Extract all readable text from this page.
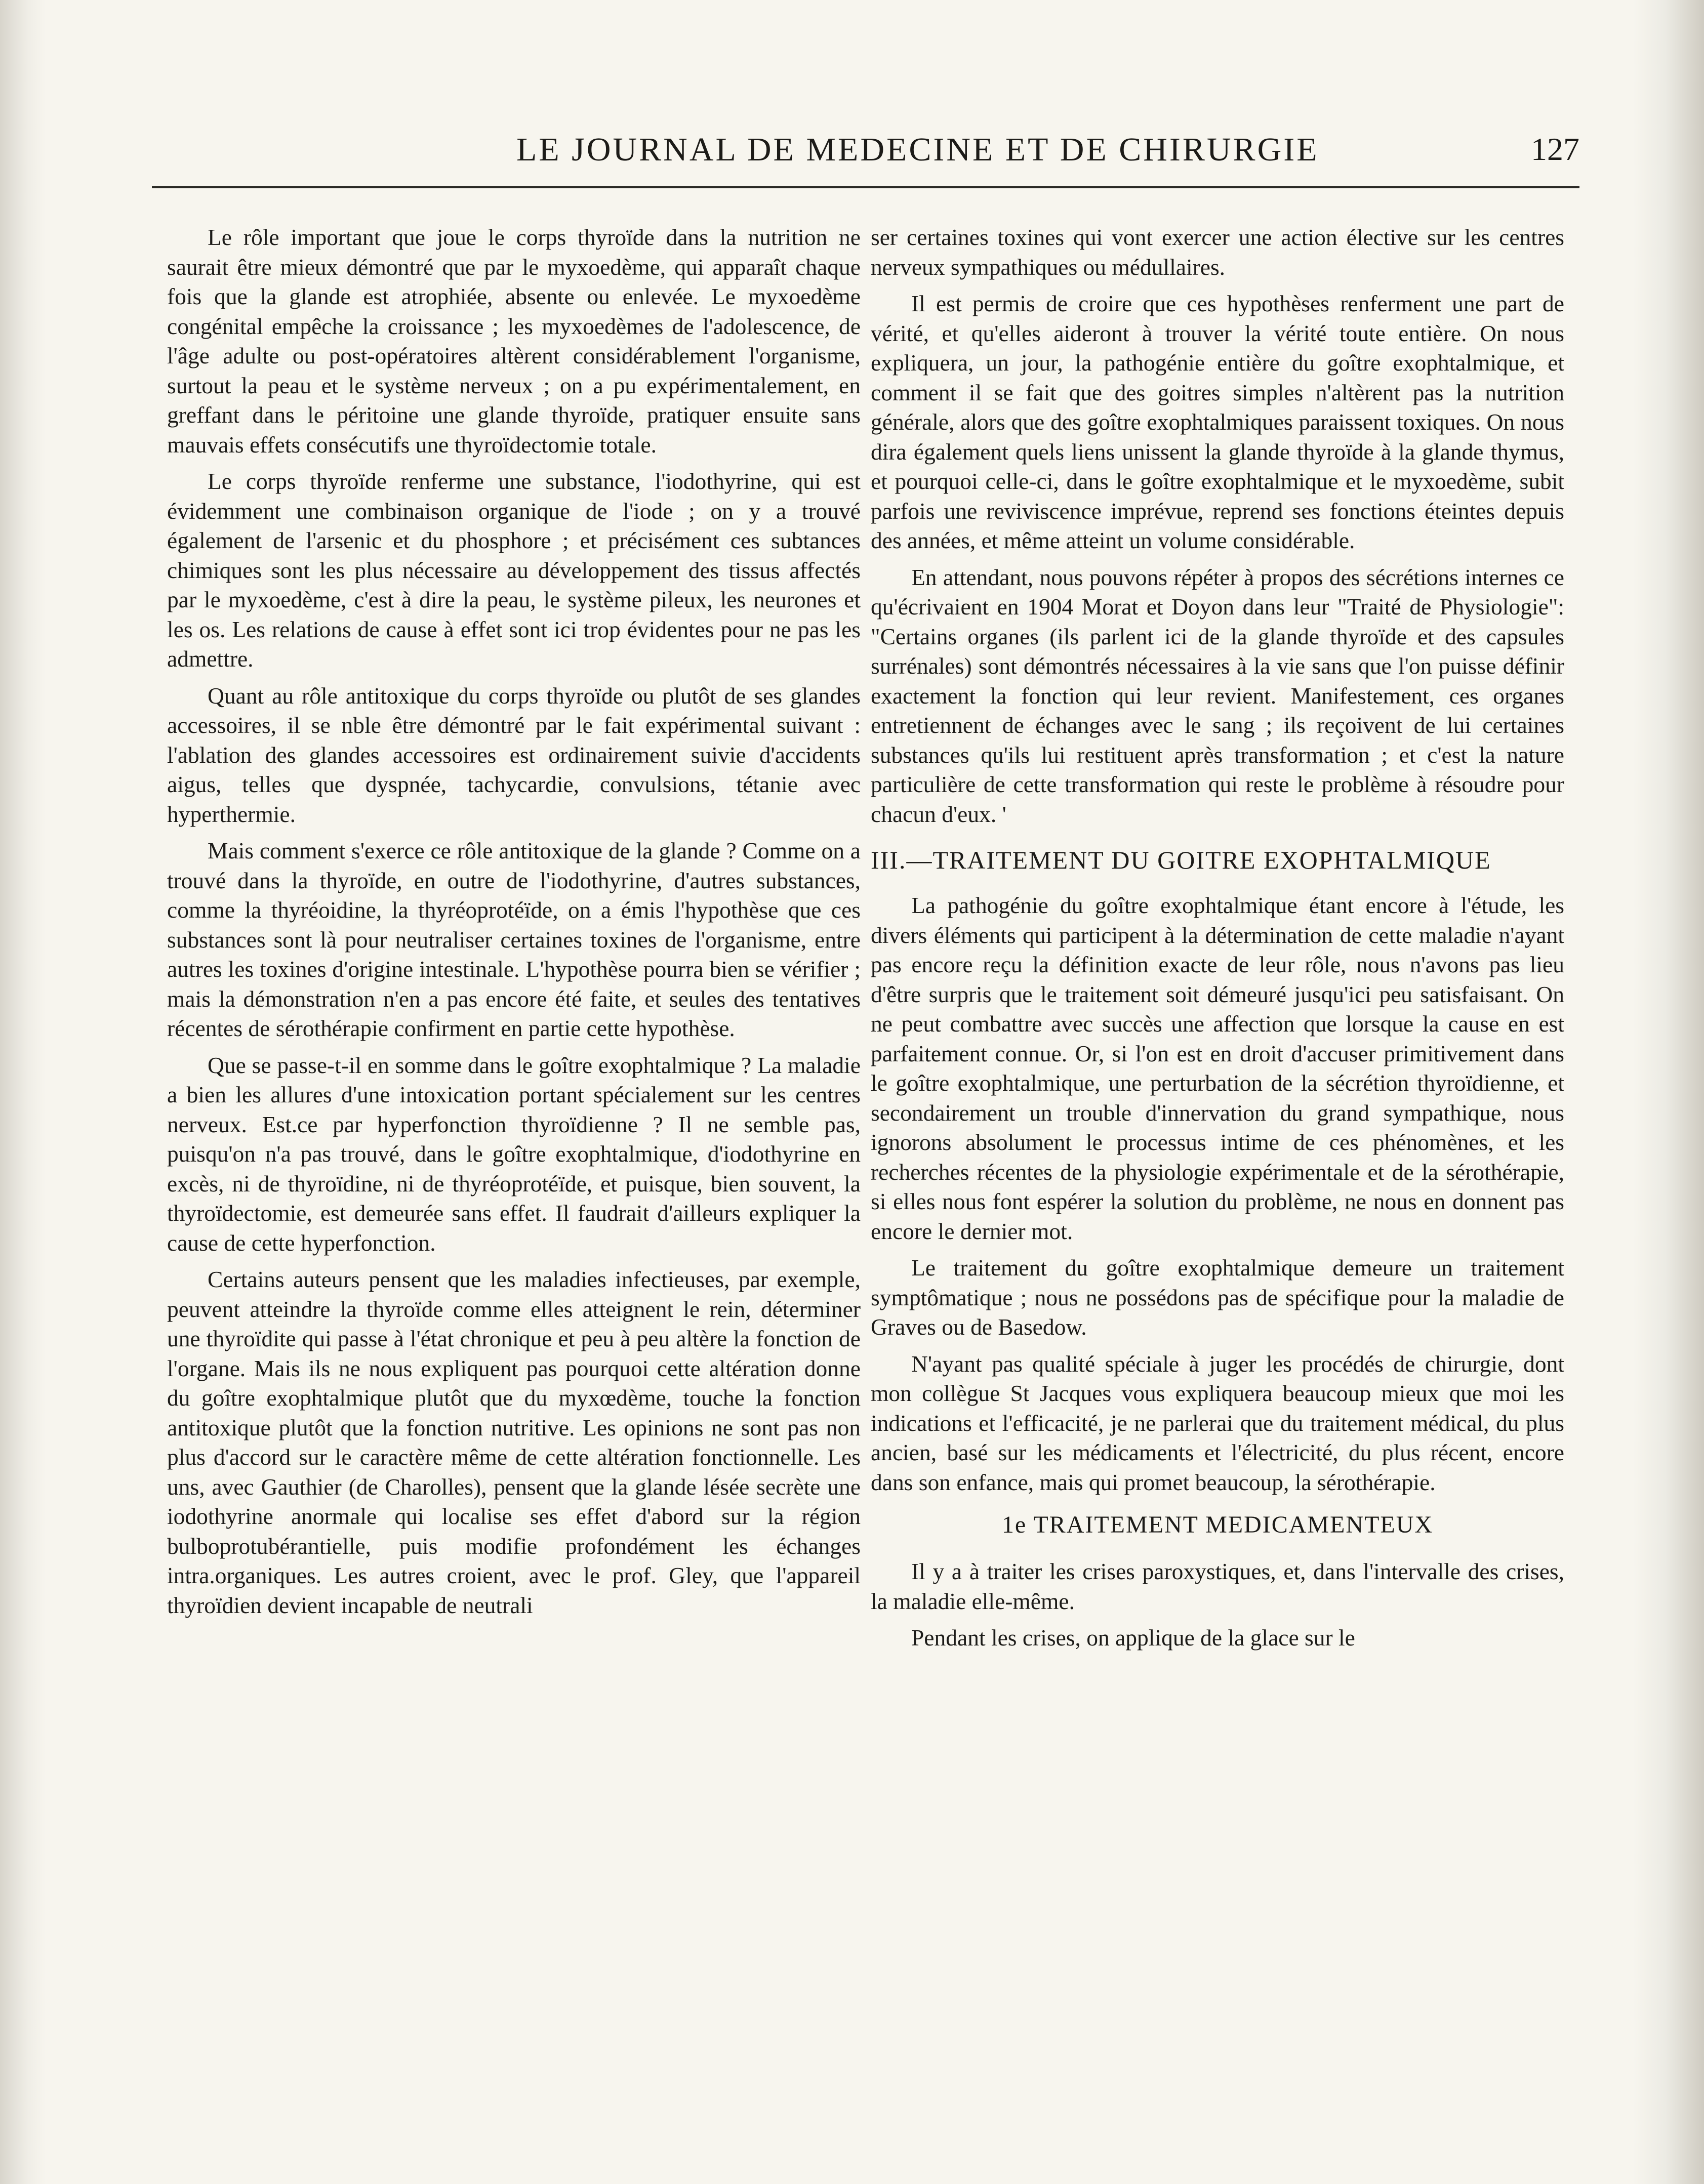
LE JOURNAL DE MEDECINE ET DE CHIRURGIE	127

Le rôle important que joue le corps thyroïde dans la nutrition ne saurait être mieux démontré que par le myxoedème, qui apparaît chaque fois que la glande est atrophiée, absente ou enlevée. Le myxoedème congénital empêche la croissance ; les myxoedèmes de l'adolescence, de l'âge adulte ou post-opératoires altèrent considérablement l'organisme, surtout la peau et le système nerveux ; on a pu expérimentalement, en greffant dans le péritoine une glande thyroïde, pratiquer ensuite sans mauvais effets consécutifs une thyroïdectomie totale.

Le corps thyroïde renferme une substance, l'iodothyrine, qui est évidemment une combinaison organique de l'iode ; on y a trouvé également de l'arsenic et du phosphore ; et précisément ces subtances chimiques sont les plus nécessaire au développement des tissus affectés par le myxoedème, c'est à dire la peau, le système pileux, les neurones et les os. Les relations de cause à effet sont ici trop évidentes pour ne pas les admettre.

Quant au rôle antitoxique du corps thyroïde ou plutôt de ses glandes accessoires, il se nble être démontré par le fait expérimental suivant : l'ablation des glandes accessoires est ordinairement suivie d'accidents aigus, telles que dyspnée, tachycardie, convulsions, tétanie avec hyperthermie.

Mais comment s'exerce ce rôle antitoxique de la glande ? Comme on a trouvé dans la thyroïde, en outre de l'iodothyrine, d'autres substances, comme la thyréoidine, la thyréoprotéïde, on a émis l'hypothèse que ces substances sont là pour neutraliser certaines toxines de l'organisme, entre autres les toxines d'origine intestinale. L'hypothèse pourra bien se vérifier ; mais la démonstration n'en a pas encore été faite, et seules des tentatives récentes de sérothérapie confirment en partie cette hypothèse.

Que se passe-t-il en somme dans le goître exophtalmique ? La maladie a bien les allures d'une intoxication portant spécialement sur les centres nerveux. Est.ce par hyperfonction thyroïdienne ? Il ne semble pas, puisqu'on n'a pas trouvé, dans le goître exophtalmique, d'iodothyrine en excès, ni de thyroïdine, ni de thyréoprotéïde, et puisque, bien souvent, la thyroïdectomie, est demeurée sans effet. Il faudrait d'ailleurs expliquer la cause de cette hyperfonction.

Certains auteurs pensent que les maladies infectieuses, par exemple, peuvent atteindre la thyroïde comme elles atteignent le rein, déterminer une thyroïdite qui passe à l'état chronique et peu à peu altère la fonction de l'organe. Mais ils ne nous expliquent pas pourquoi cette altération donne du goître exophtalmique plutôt que du myxœdème, touche la fonction antitoxique plutôt que la fonction nutritive. Les opinions ne sont pas non plus d'accord sur le caractère même de cette altération fonctionnelle. Les uns, avec Gauthier (de Charolles), pensent que la glande lésée secrète une iodothyrine anormale qui localise ses effet d'abord sur la région bulboprotubérantielle, puis modifie profondément les échanges intra.organiques. Les autres croient, avec le prof. Gley, que l'appareil thyroïdien devient incapable de neutrali

ser certaines toxines qui vont exercer une action élective sur les centres nerveux sympathiques ou médullaires.

Il est permis de croire que ces hypothèses renferment une part de vérité, et qu'elles aideront à trouver la vérité toute entière. On nous expliquera, un jour, la pathogénie entière du goître exophtalmique, et comment il se fait que des goitres simples n'altèrent pas la nutrition générale, alors que des goître exophtalmiques paraissent toxiques. On nous dira également quels liens unissent la glande thyroïde à la glande thymus, et pourquoi celle-ci, dans le goître exophtalmique et le myxoedème, subit parfois une reviviscence imprévue, reprend ses fonctions éteintes depuis des années, et même atteint un volume considérable.

En attendant, nous pouvons répéter à propos des sécrétions internes ce qu'écrivaient en 1904 Morat et Doyon dans leur "Traité de Physiologie": "Certains organes (ils parlent ici de la glande thyroïde et des capsules surrénales) sont démontrés nécessaires à la vie sans que l'on puisse définir exactement la fonction qui leur revient. Manifestement, ces organes entretiennent de échanges avec le sang ; ils reçoivent de lui certaines substances qu'ils lui restituent après transformation ; et c'est la nature particulière de cette transformation qui reste le problème à résoudre pour chacun d'eux. '

III.—TRAITEMENT DU GOITRE EXOPHTALMIQUE

La pathogénie du goître exophtalmique étant encore à l'étude, les divers éléments qui participent à la détermination de cette maladie n'ayant pas encore reçu la définition exacte de leur rôle, nous n'avons pas lieu d'être surpris que le traitement soit démeuré jusqu'ici peu satisfaisant. On ne peut combattre avec succès une affection que lorsque la cause en est parfaitement connue. Or, si l'on est en droit d'accuser primitivement dans le goître exophtalmique, une perturbation de la sécrétion thyroïdienne, et secondairement un trouble d'innervation du grand sympathique, nous ignorons absolument le processus intime de ces phénomènes, et les recherches récentes de la physiologie expérimentale et de la sérothérapie, si elles nous font espérer la solution du problème, ne nous en donnent pas encore le dernier mot.

Le traitement du goître exophtalmique demeure un traitement symptômatique ; nous ne possédons pas de spécifique pour la maladie de Graves ou de Basedow.

N'ayant pas qualité spéciale à juger les procédés de chirurgie, dont mon collègue St Jacques vous expliquera beaucoup mieux que moi les indications et l'efficacité, je ne parlerai que du traitement médical, du plus ancien, basé sur les médicaments et l'électricité, du plus récent, encore dans son enfance, mais qui promet beaucoup, la sérothérapie.

1e TRAITEMENT MEDICAMENTEUX

Il y a à traiter les crises paroxystiques, et, dans l'intervalle des crises, la maladie elle-même.

Pendant les crises, on applique de la glace sur le
